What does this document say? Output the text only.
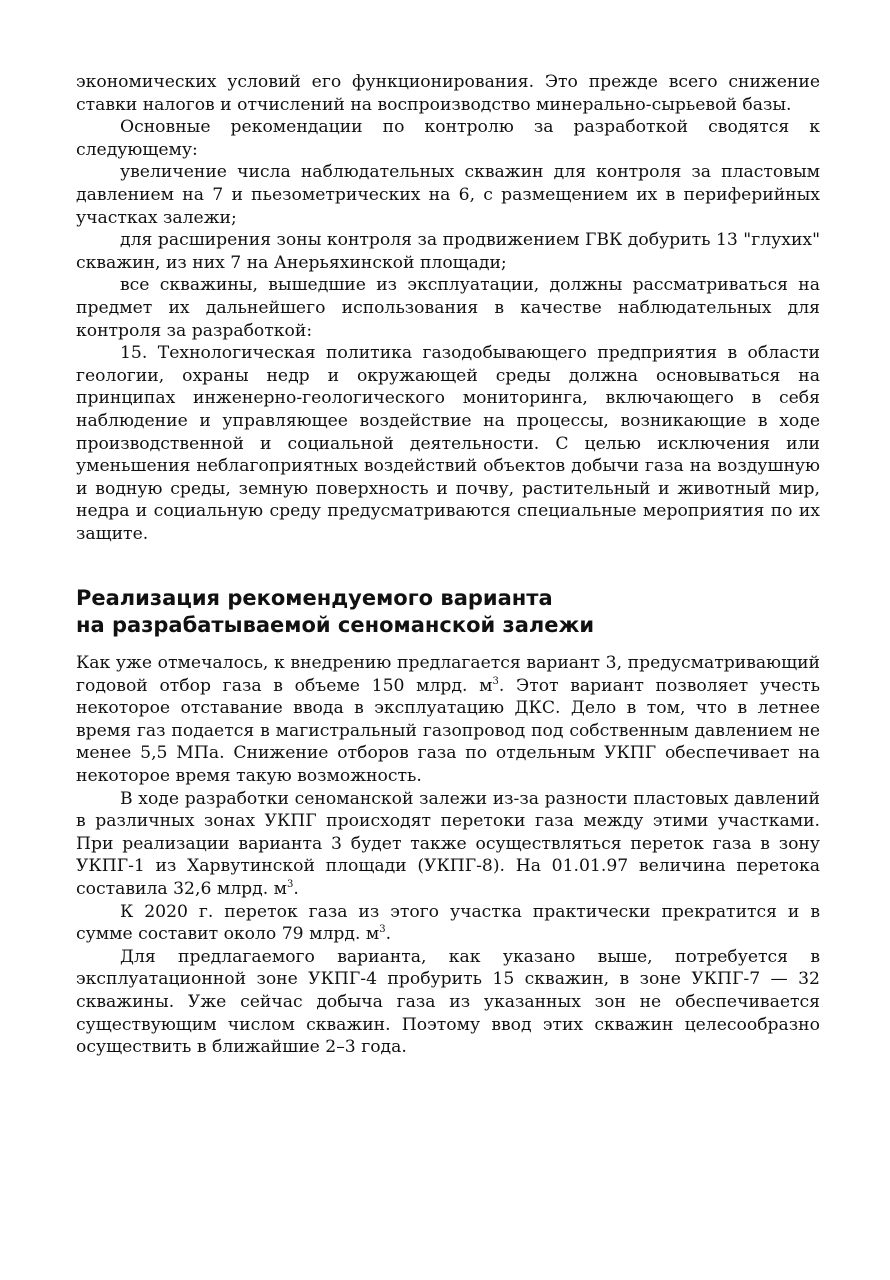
экономических условий его функционирования. Это прежде всего снижение ставки налогов и отчислений на воспроизводство минерально-сырьевой базы.

Основные рекомендации по контролю за разработкой сводятся к следующему:

увеличение числа наблюдательных скважин для контроля за пластовым давлением на 7 и пьезометрических на 6, с размещением их в периферийных участках залежи;

для расширения зоны контроля за продвижением ГВК добурить 13 "глухих" скважин, из них 7 на Анерьяхинской площади;

все скважины, вышедшие из эксплуатации, должны рассматриваться на предмет их дальнейшего использования в качестве наблюдательных для контроля за разработкой:

15. Технологическая политика газодобывающего предприятия в области геологии, охраны недр и окружающей среды должна основываться на принципах инженерно-геологического мониторинга, включающего в себя наблюдение и управляющее воздействие на процессы, возникающие в ходе производственной и социальной деятельности. С целью исключения или уменьшения неблагоприятных воздействий объектов добычи газа на воздушную и водную среды, земную поверхность и почву, растительный и животный мир, недра и социальную среду предусматриваются специальные мероприятия по их защите.

Реализация рекомендуемого варианта

на разрабатываемой сеноманской залежи

Как уже отмечалось, к внедрению предлагается вариант 3, предусматривающий годовой отбор газа в объеме 150 млрд. $м^3$. Этот вариант позволяет учесть некоторое отставание ввода в эксплуатацию ДКС. Дело в том, что в летнее время газ подается в магистральный газопровод под собственным давлением не менее 5,5 МПа. Снижение отборов газа по отдельным УКПГ обеспечивает на некоторое время такую возможность.

В ходе разработки сеноманской залежи из-за разности пластовых давлений в различных зонах УКПГ происходят перетоки газа между этими участками. При реализации варианта 3 будет также осуществляться переток газа в зону УКПГ-1 из Харвутинской площади (УКПГ-8). На 01.01.97 величина перетока составила 32,6 млрд. $м^3$.

К 2020 г. переток газа из этого участка практически прекратится и в сумме составит около 79 млрд. $м^3$.

Для предлагаемого варианта, как указано выше, потребуется в эксплуатационной зоне УКПГ-4 пробурить 15 скважин, в зоне УКПГ-7 — 32 скважины. Уже сейчас добыча газа из указанных зон не обеспечивается существующим числом скважин. Поэтому ввод этих скважин целесообразно осуществить в ближайшие 2–3 года.
